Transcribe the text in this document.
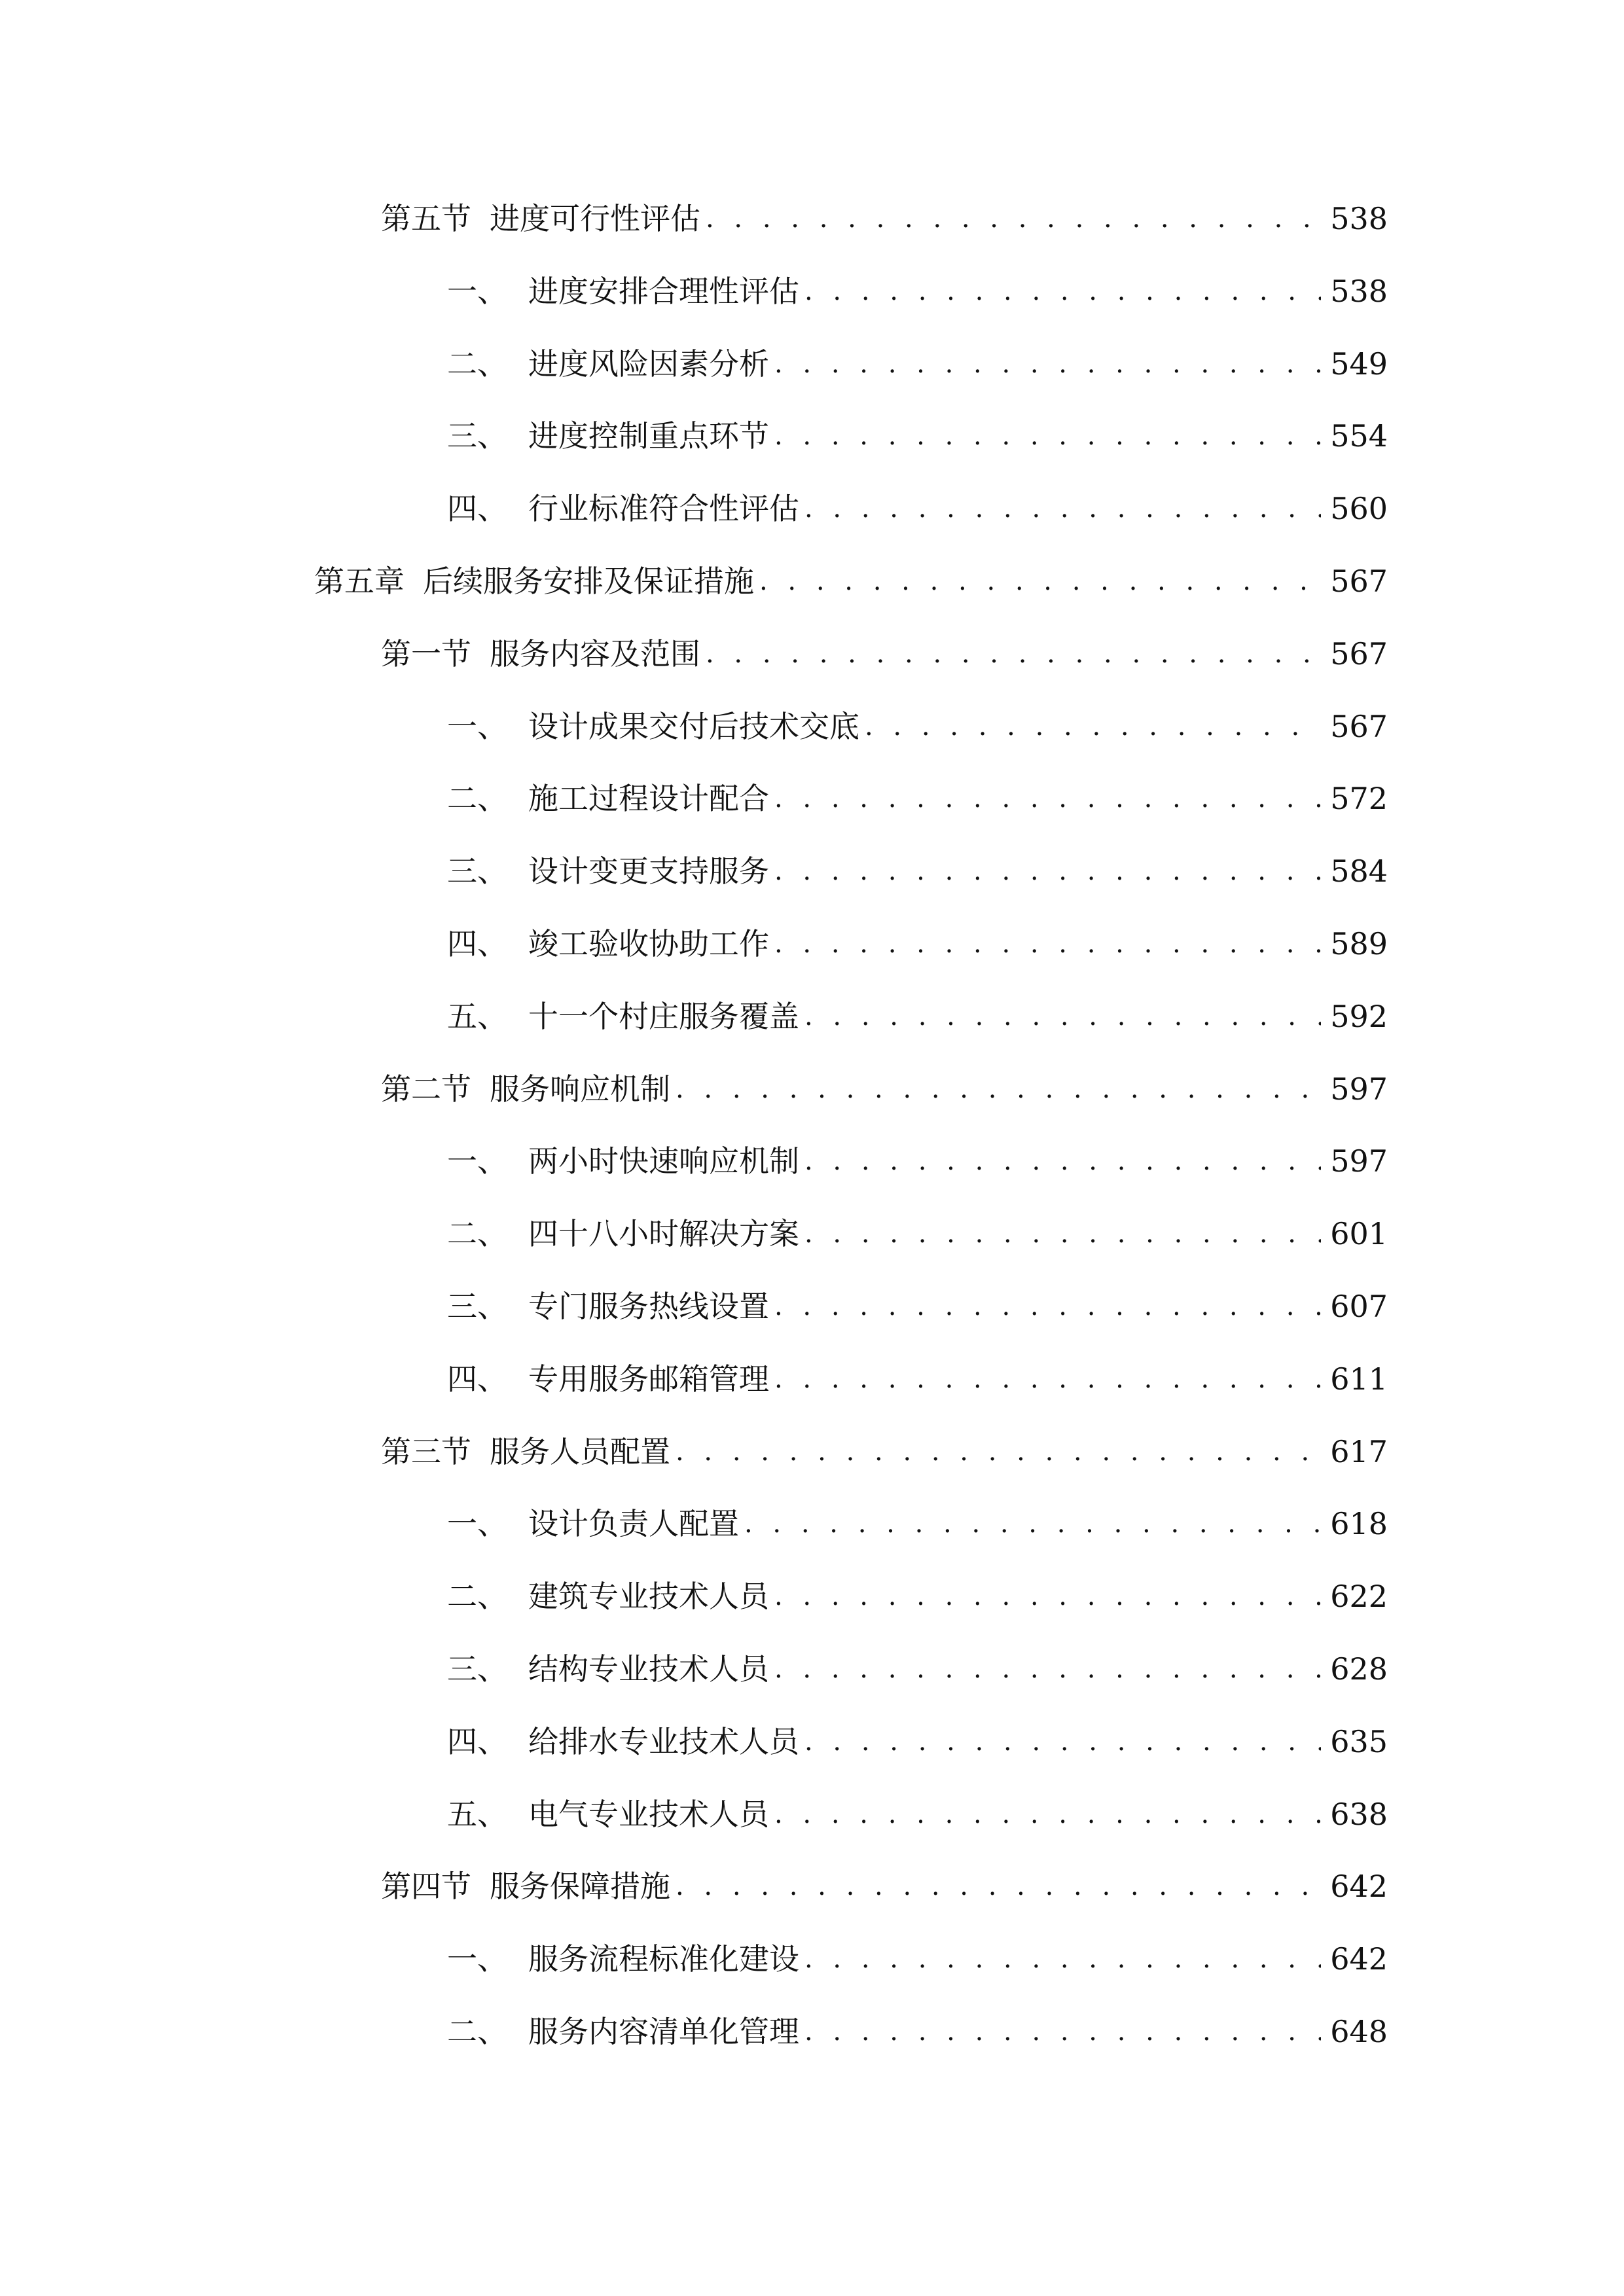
第五节 进度可行性评估 . . .	538
一、 进度安排合理性评估 . . .	538
二、 进度风险因素分析 . . .	549
三、 进度控制重点环节 . . .	554
四、 行业标准符合性评估 . . .	560
第五章 后续服务安排及保证措施 . . .	567
第一节 服务内容及范围 . . .	567
一、 设计成果交付后技术交底 . . .	567
二、 施工过程设计配合 . . .	572
三、 设计变更支持服务 . . .	584
四、 竣工验收协助工作 . . .	589
五、 十一个村庄服务覆盖 . . .	592
第二节 服务响应机制 . . .	597
一、 两小时快速响应机制 . . .	597
二、 四十八小时解决方案 . . .	601
三、 专门服务热线设置 . . .	607
四、 专用服务邮箱管理 . . .	611
第三节 服务人员配置 . . .	617
一、 设计负责人配置 . . .	618
二、 建筑专业技术人员 . . .	622
三、 结构专业技术人员 . . .	628
四、 给排水专业技术人员 . . .	635
五、 电气专业技术人员 . . .	638
第四节 服务保障措施 . . .	642
一、 服务流程标准化建设 . . .	642
二、 服务内容清单化管理 . . .	648
